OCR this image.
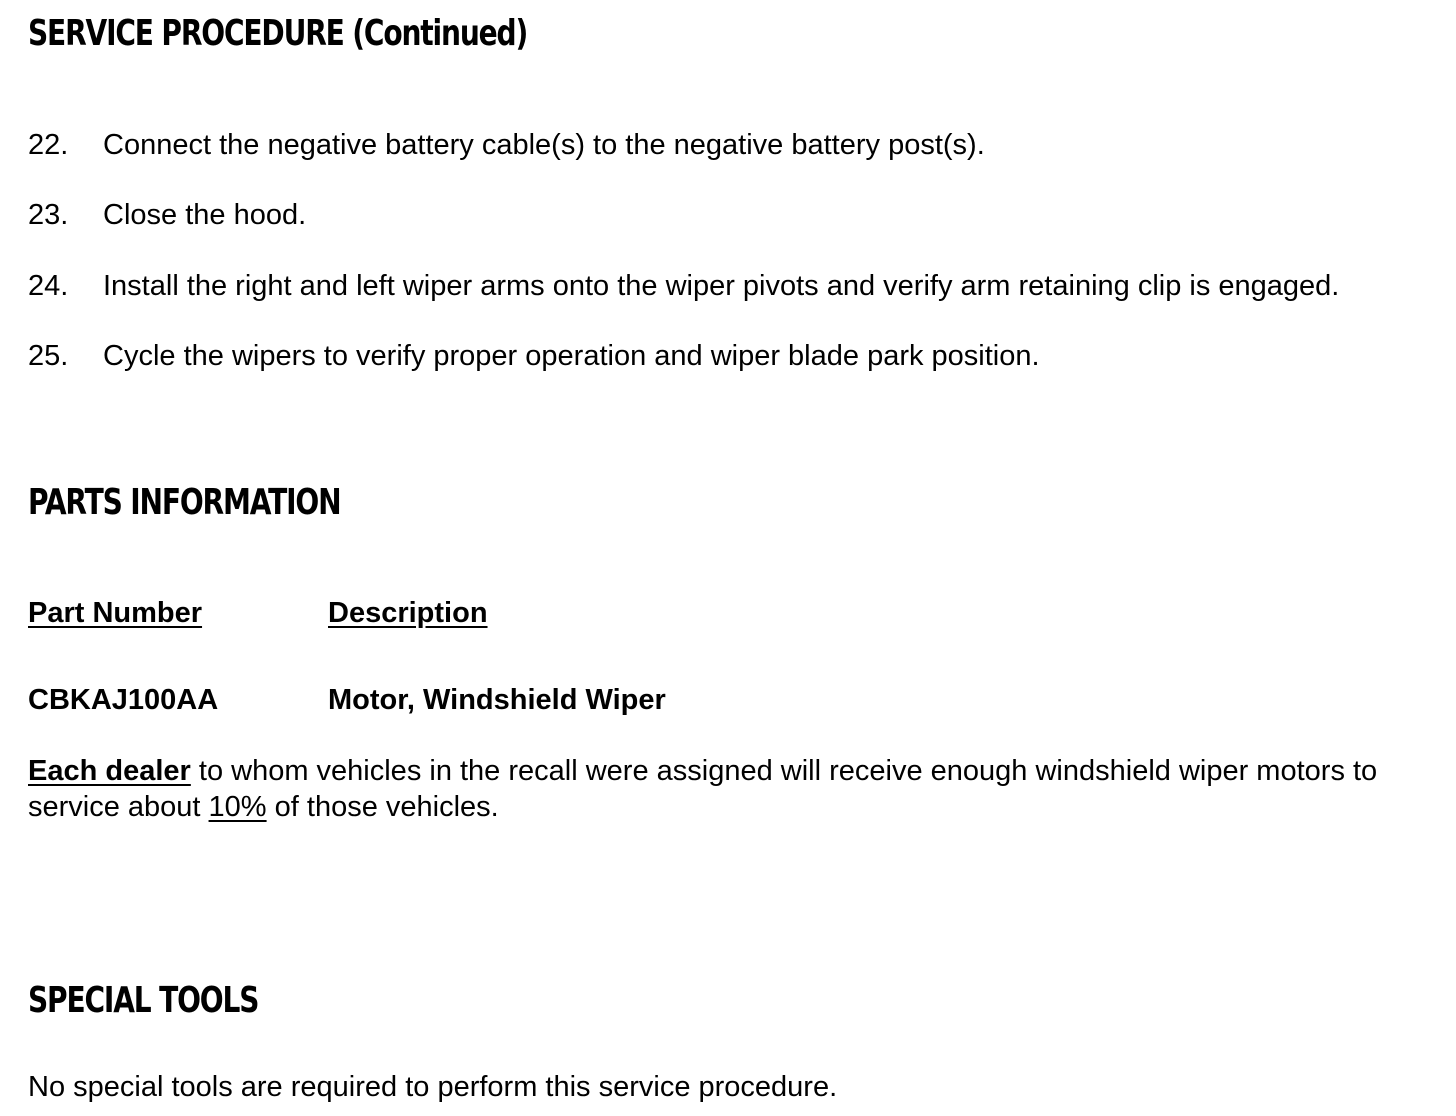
SERVICE PROCEDURE (Continued)
22. Connect the negative battery cable(s) to the negative battery post(s).
23. Close the hood.
24. Install the right and left wiper arms onto the wiper pivots and verify arm retaining clip is engaged.
25. Cycle the wipers to verify proper operation and wiper blade park position.
PARTS INFORMATION
Part Number	Description
CBKAJ100AA	Motor, Windshield Wiper

Each dealer to whom vehicles in the recall were assigned will receive enough windshield wiper motors to service about 10% of those vehicles.

SPECIAL TOOLS

No special tools are required to perform this service procedure.
